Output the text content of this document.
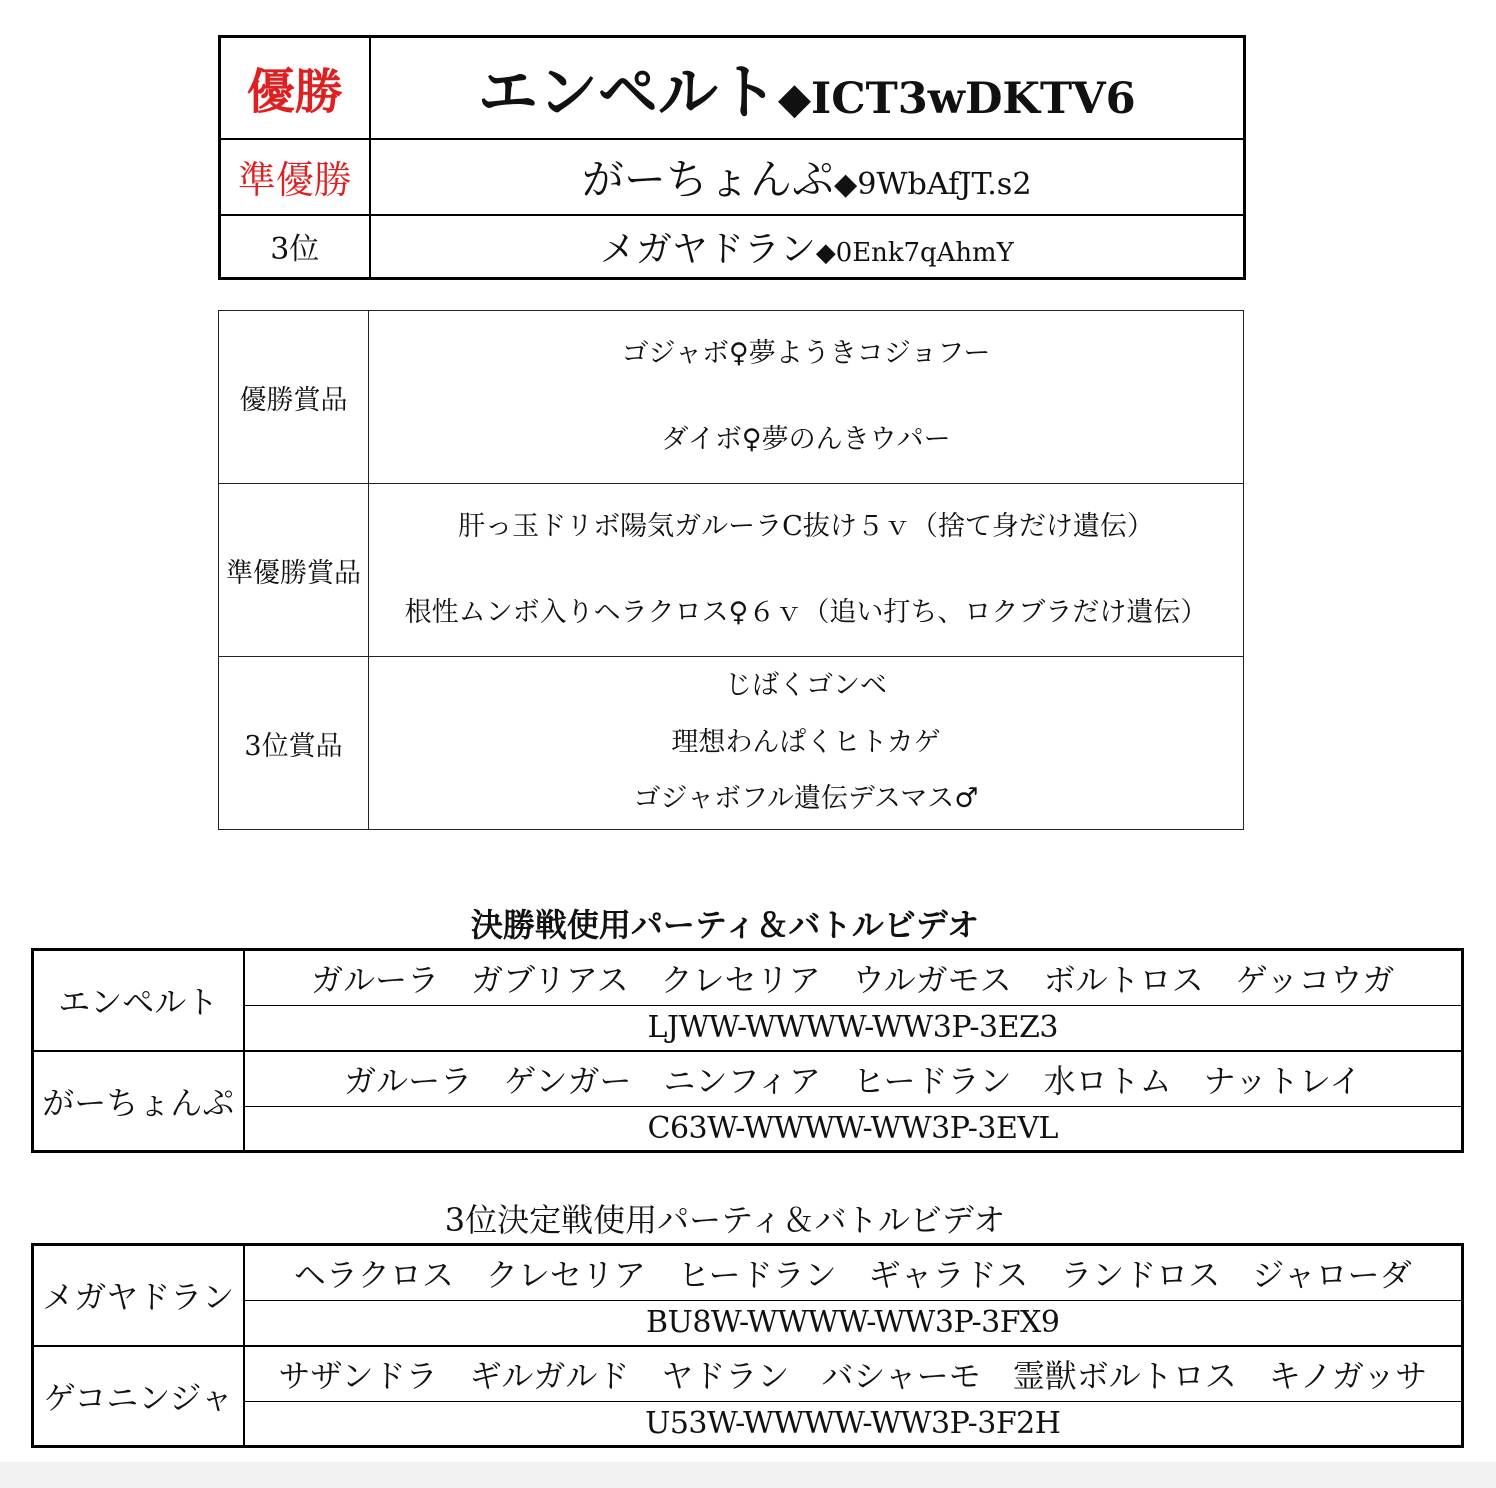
優勝	エンペルト◆ICT3wDKTV6
準優勝	がーちょんぷ◆9WbAfJT.s2
3位	メガヤドラン◆0Enk7qAhmY
優勝賞品	ゴジャボ♀夢ようきコジョフー
ダイボ♀夢のんきウパー

準優勝賞品	肝っ玉ドリボ陽気ガルーラC抜け５ｖ（捨て身だけ遺伝）
根性ムンボ入りヘラクロス♀６ｖ（追い打ち、ロクブラだけ遺伝）

3位賞品	じばくゴンベ
理想わんぱくヒトカゲ
ゴジャボフル遺伝デスマス♂
決勝戦使用パーティ＆バトルビデオ
エンペルト	ガルーラ ガブリアス クレセリア ウルガモス ボルトロス ゲッコウガ
	LJWW-WWWW-WW3P-3EZ3
がーちょんぷ	ガルーラ ゲンガー ニンフィア ヒードラン 水ロトム ナットレイ
	C63W-WWWW-WW3P-3EVL
3位決定戦使用パーティ＆バトルビデオ
メガヤドラン	ヘラクロス クレセリア ヒードラン ギャラドス ランドロス ジャローダ
	BU8W-WWWW-WW3P-3FX9
ゲコニンジャ	サザンドラ ギルガルド ヤドラン バシャーモ 霊獣ボルトロス キノガッサ
	U53W-WWWW-WW3P-3F2H
